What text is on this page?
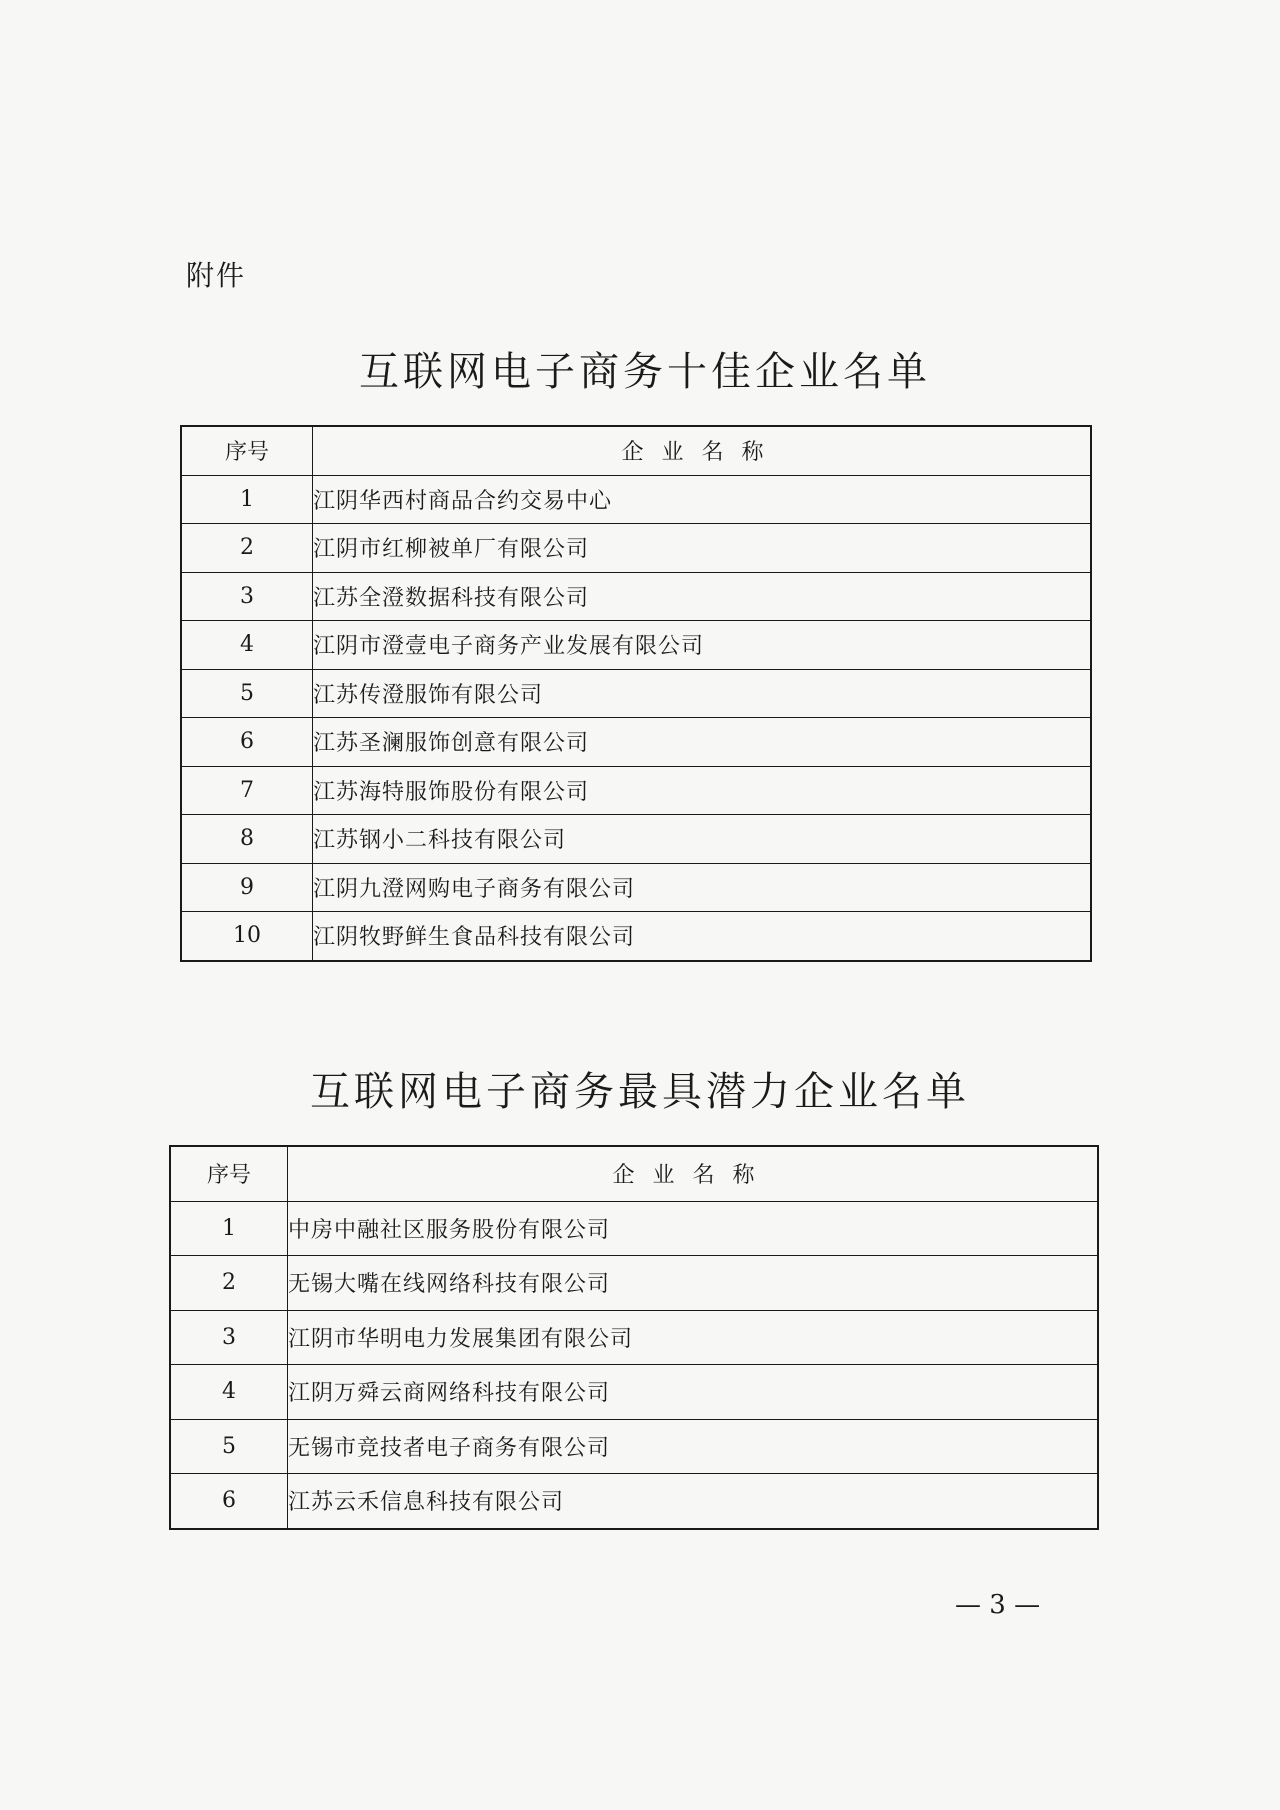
附件
互联网电子商务十佳企业名单
序号	企业名称
1	江阴华西村商品合约交易中心
2	江阴市红柳被单厂有限公司
3	江苏全澄数据科技有限公司
4	江阴市澄壹电子商务产业发展有限公司
5	江苏传澄服饰有限公司
6	江苏圣澜服饰创意有限公司
7	江苏海特服饰股份有限公司
8	江苏钢小二科技有限公司
9	江阴九澄网购电子商务有限公司
10	江阴牧野鲜生食品科技有限公司
互联网电子商务最具潜力企业名单
序号	企业名称
1	中房中融社区服务股份有限公司
2	无锡大嘴在线网络科技有限公司
3	江阴市华明电力发展集团有限公司
4	江阴万舜云商网络科技有限公司
5	无锡市竞技者电子商务有限公司
6	江苏云禾信息科技有限公司
— 3 —
